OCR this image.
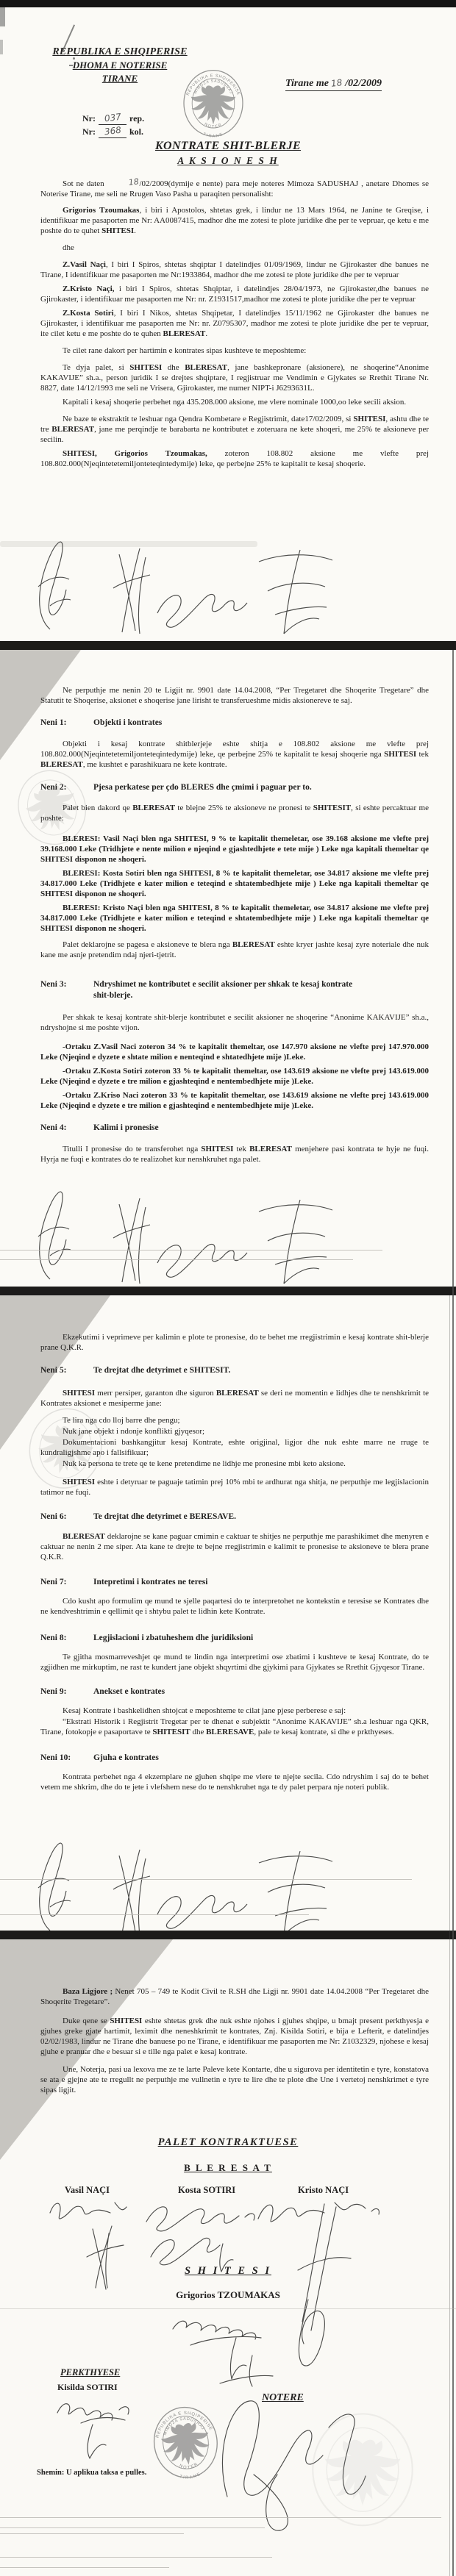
REPUBLIKA E SHQIPERISE
DHOMA E NOTERISE
TIRANE
Nr: 037 rep.
Nr: 368 kol.
Tirane me 18 /02/2009
REPUBLIKA E SHQIPERISE
MIMOZA SADUSHAJ
NOTER
TIRANE
KONTRATE SHIT-BLERJE
A K S I O N E S H

Sot ne daten	18/02/2009(dymije e nente) para meje noteres Mimoza SADUSHAJ , anetare Dhomes se Noterise Tirane, me seli ne Rrugen Vaso Pasha u paraqiten personalisht:

Grigorios Tzoumakas, i biri i Apostolos, shtetas grek, i lindur ne 13 Mars 1964, ne Janine te Greqise, i identifikuar me pasaporten me Nr: AA0087415, madhor dhe me zotesi te plote juridike dhe per te vepruar, qe ketu e me poshte do te quhet SHITESI.

dhe

Z.Vasil Naçi, I biri I Spiros, shtetas shqiptar I datelindjes 01/09/1969, lindur ne Gjirokaster dhe banues ne Tirane, I identifikuar me pasaporten me Nr:1933864, madhor dhe me zotesi te plote juridike dhe per te vepruar

Z.Kristo Naçi, i biri I Spiros, shtetas Shqiptar, i datelindjes 28/04/1973, ne Gjirokaster,dhe banues ne Gjirokaster, i identifikuar me pasaporten me Nr: nr. Z1931517,madhor me zotesi te plote juridike dhe per te vepruar

Z.Kosta Sotiri, I biri I Nikos, shtetas Shqipetar, I datelindjes 15/11/1962 ne Gjirokaster dhe banues ne Gjirokaster, i identifikuar me pasaporten me Nr: nr. Z0795307, madhor me zotesi te plote juridike dhe per te vepruar, ite cilet ketu e me poshte do te quhen BLERESAT.

Te cilet rane dakort per hartimin e kontrates sipas kushteve te meposhteme:

Te dyja palet, si SHITESI dhe BLERESAT, jane bashkepronare (aksionere), ne shoqerine“Anonime KAKAVIJE” sh.a., person juridik I se drejtes shqiptare, I regjistruar me Vendimin e Gjykates se Rrethit Tirane Nr. 8827, date 14/12/1993 me seli ne Vrisera, Gjirokaster, me numer NIPT-i J6293631L.

Kapitali i kesaj shoqerie perbehet nga 435.208.000 aksione, me vlere nominale 1000,oo leke secili aksion.

Ne baze te ekstraktit te leshuar nga Qendra Kombetare e Regjistrimit, date17/02/2009, si SHITESI, ashtu dhe te tre BLERESAT, jane me perqindje te barabarta ne kontributet e zoteruara ne kete shoqeri, me 25% te aksioneve per secilin.

SHITESI, Grigorios Tzoumakas, zoteron 108.802 aksione me vlefte prej 108.802.000(Njeqintetetemiljonteteqintedymije) leke, qe perbejne 25% te kapitalit te kesaj shoqerie.

Ne perputhje me nenin 20 te Ligjit nr. 9901 date 14.04.2008, “Per Tregetaret dhe Shoqerite Tregetare” dhe Statutit te Shoqerise, aksionet e shoqerise jane lirisht te transferueshme midis aksionereve te saj.

Neni 1:	Objekti i kontrates

Objekti i kesaj kontrate shitblerjeje eshte shitja e 108.802 aksione me vlefte prej 108.802.000(Njeqintetetemiljonteteqintedymije) leke, qe perbejne 25% te kapitalit te kesaj shoqerie nga SHITESI tek BLERESAT, me kushtet e parashikuara ne kete kontrate.

Neni 2:	Pjesa perkatese per çdo BLERES dhe çmimi i paguar per to.

Palet bien dakord qe BLERESAT te blejne 25% te aksioneve ne pronesi te SHITESIT, si eshte percaktuar me poshte:

BLERESI: Vasil Naçi blen nga SHITESI, 9 % te kapitalit themeletar, ose 39.168 aksione me vlefte prej 39.168.000 Leke (Tridhjete e nente milion e njeqind e gjashtedhjete e tete mije ) Leke nga kapitali themeltar qe SHITESI disponon ne shoqeri.

BLERESI: Kosta Sotiri blen nga SHITESI, 8 % te kapitalit themeletar, ose 34.817 aksione me vlefte prej 34.817.000 Leke (Tridhjete e kater milion e teteqind e shtatembedhjete mije ) Leke nga kapitali themeltar qe SHITESI disponon ne shoqeri.

BLERESI: Kristo Naçi blen nga SHITESI, 8 % te kapitalit themeletar, ose 34.817 aksione me vlefte prej 34.817.000 Leke (Tridhjete e kater milion e teteqind e shtatembedhjete mije ) Leke nga kapitali themeltar qe SHITESI disponon ne shoqeri.

Palet deklarojne se pagesa e aksioneve te blera nga BLERESAT eshte kryer jashte kesaj zyre noteriale dhe nuk kane me asnje pretendim ndaj njeri-tjetrit.

Neni 3:	Ndryshimet ne kontributet e secilit aksioner per shkak te kesaj kontrate shit-blerje.

Per shkak te kesaj kontrate shit-blerje kontributet e secilit aksioner ne shoqerine “Anonime KAKAVIJE” sh.a., ndryshojne si me poshte vijon.

-Ortaku Z.Vasil Naci zoteron 34 % te kapitalit themeltar, ose 147.970 aksione ne vlefte prej 147.970.000 Leke (Njeqind e dyzete e shtate milion e nenteqind e shtatedhjete mije )Leke.

-Ortaku Z.Kosta Sotiri zoteron 33 % te kapitalit themeltar, ose 143.619 aksione ne vlefte prej 143.619.000 Leke (Njeqind e dyzete e tre milion e gjashteqind e nentembedhjete mije )Leke.

-Ortaku Z.Kriso Naci zoteron 33 % te kapitalit themeltar, ose 143.619 aksione ne vlefte prej 143.619.000 Leke (Njeqind e dyzete e tre milion e gjashteqind e nentembedhjete mije )Leke.

Neni 4:	Kalimi i pronesise

Titulli I pronesise do te transferohet nga SHITESI tek BLERESAT menjehere pasi kontrata te hyje ne fuqi. Hyrja ne fuqi e kontrates do te realizohet kur nenshkruhet nga palet.

Ekzekutimi i veprimeve per kalimin e plote te pronesise, do te behet me rregjistrimin e kesaj kontrate shit-blerje prane Q.K.R.

Neni 5:	Te drejtat dhe detyrimet e SHITESIT.

SHITESI merr persiper, garanton dhe siguron BLERESAT se deri ne momentin e lidhjes dhe te nenshkrimit te Kontrates aksionet e mesiperme jane:

Te lira nga cdo lloj barre dhe pengu;

Nuk jane objekt i ndonje konflikti gjyqesor;

Dokumentacioni bashkangjitur kesaj Kontrate, eshte origjinal, ligjor dhe nuk eshte marre ne rruge te kundraligjshme apo i fallsifikuar;

Nuk ka persona te trete qe te kene pretendime ne lidhje me pronesine mbi keto aksione.

SHITESI eshte i detyruar te paguaje tatimin prej 10% mbi te ardhurat nga shitja, ne perputhje me legjislacionin tatimor ne fuqi.

Neni 6:	Te drejtat dhe detyrimet e BERESAVE.

BLERESAT deklarojne se kane paguar cmimin e caktuar te shitjes ne perputhje me parashikimet dhe menyren e caktuar ne nenin 2 me siper. Ata kane te drejte te bejne rregjistrimin e kalimit te pronesise te aksioneve te blera prane Q.K.R.

Neni 7:	Intepretimi i kontrates ne teresi

Cdo kusht apo formulim qe mund te sjelle paqartesi do te interpretohet ne kontekstin e teresise se Kontrates dhe ne kendveshtrimin e qellimit qe i shtybu palet te lidhin kete Kontrate.

Neni 8:	Legjislacioni i zbatuheshem dhe juridiksioni

Te gjitha mosmarreveshjet qe mund te lindin nga interpretimi ose zbatimi i kushteve te kesaj Kontrate, do te zgjidhen me mirkuptim, ne rast te kundert jane objekt shqyrtimi dhe gjykimi para Gjykates se Rrethit Gjyqesor Tirane.

Neni 9:	Anekset e kontrates

Kesaj Kontrate i bashkelidhen shtojcat e meposhteme te cilat jane pjese perberese e saj:

“Ekstrati Historik i Regjistrit Tregetar per te dhenat e subjektit “Anonime KAKAVIJE” sh.a leshuar nga QKR, Tirane, fotokopje e pasaportave te SHITESIT dhe BLERESAVE, pale te kesaj kontrate, si dhe e prkthyeses.

Neni 10:	Gjuha e kontrates

Kontrata perbehet nga 4 ekzemplare ne gjuhen shqipe me vlere te njejte secila. Cdo ndryshim i saj do te behet vetem me shkrim, dhe do te jete i vlefshem nese do te nenshkruhet nga te dy palet perpara nje noteri publik.

Baza Ligjore ; Nenet 705 – 749 te Kodit Civil te R.SH dhe Ligji nr. 9901 date 14.04.2008 “Per Tregetaret dhe Shoqerite Tregetare”.

Duke qene se SHITESI eshte shtetas grek dhe nuk eshte njohes i gjuhes shqipe, u bmajt present perkthyesja e gjuhes greke gjate hartimit, leximit dhe neneshkrimit te kontrates, Znj. Kisilda Sotiri, e bija e Lefterit, e datelindjes 02/02/1983, lindur ne Tirane dhe banuese po ne Tirane, e identifikuar me pasaporten me Nr: Z1032329, njohese e kesaj gjuhe e pranuar dhe e besuar si e tille nga palet e kesaj kontrate.

Une, Noterja, pasi ua lexova me ze te larte Paleve kete Kontarte, dhe u sigurova per identitetin e tyre, konstatova se ata e gjejne ate te rregullt ne perputhje me vullnetin e tyre te lire dhe te plote dhe Une i vertetoj nenshkrimet e tyre sipas ligjit.

PALET KONTRAKTUESE
B L E R E S A T
Vasil NAÇI	Kosta SOTIRI	Kristo NAÇI
S H I T E S I
Grigorios TZOUMAKAS
PERKTHYESE
Kisilda SOTIRI
NOTERE
REPUBLIKA E SHQIPERISE
MIMOZA SADUSHAJ
NOTER
TIRANE
Shemin: U aplikua taksa e pulles.
